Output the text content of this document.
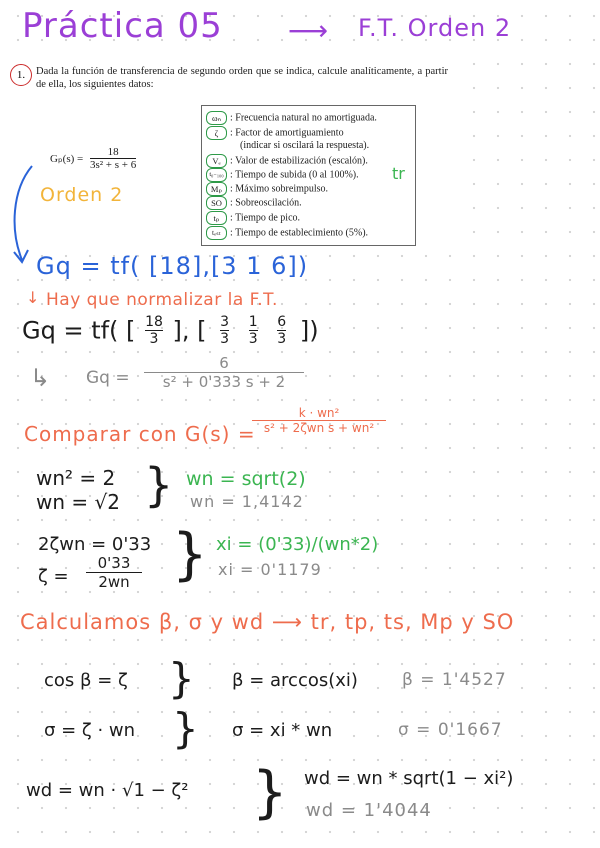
Práctica 05 ⟶ F.T. Orden 2
1.	Dada la función de transferencia de segundo orden que se indica, calcule analíticamente, a partir de ella, los siguientes datos:
$G_p(s) = \frac{18}{\text{3s² + s + 6}}$
ωₙ : Frecuencia natural no amortiguada.
ζ : Factor de amortiguamiento
(indicar si oscilará la respuesta).
Vₑ : Valor de estabilización (escalón).
t₀₋₁₀₀ : Tiempo de subida (0 al 100%).
Mₚ : Máximo sobreimpulso.
SO : Sobreoscilación.
tₚ : Tiempo de pico.
tₑₛₜ : Tiempo de establecimiento (5%).
tr
Orden 2
Gq = tf( [18],[3 1 6])
↓ Hay que normalizar la F.T.
Gq = tf( [ $\frac{18}{3}$ ], [ $\frac{3}{3}$
$\frac{1}{3}$
$\frac{6}{3}$ ])
↳ $Gq = \frac{6}{\text{s² + 0'333 s + 2}}$
Comparar con G(s) =
k · wn²
s² + 2ζwn s + wn²
wn² = 2
wn = √2 } wn = sqrt(2)
wn = 1,4142
2ζwn = 0'33
$\zeta = \frac{0'33}{2wn}$ } xi = (0'33)/(wn*2)
xi = 0'1179
Calculamos β, σ y wd ⟶ tr, tp, ts, Mp y SO
cos β = ζ } β = arccos(xi)	β = 1'4527
σ = ζ · wn } σ = xi * wn	σ = 0'1667
wd = wn · √1 − ζ² } wd = wn * sqrt(1 − xi²)
wd = 1'4044
